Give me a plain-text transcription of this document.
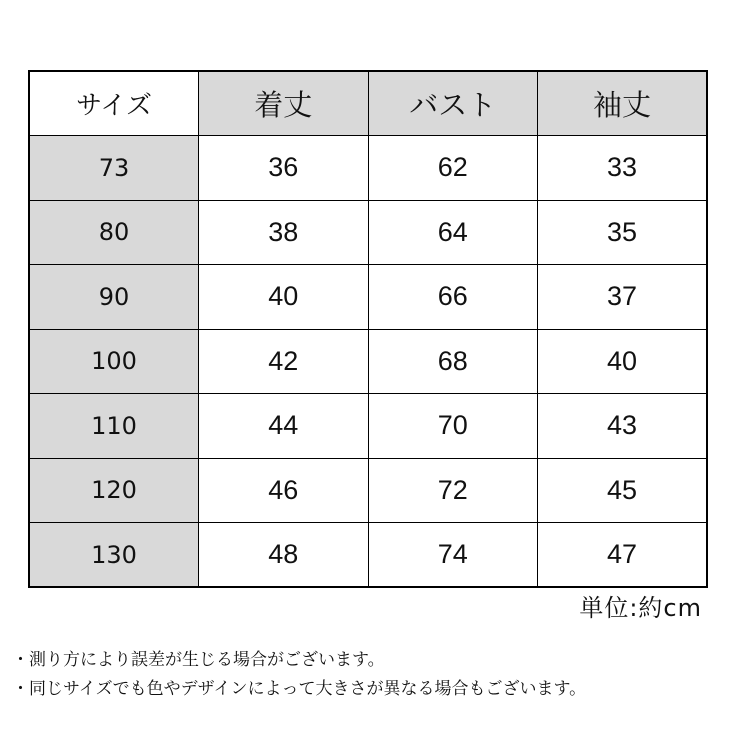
サイズ	着丈	バスト	袖丈
73	36	62	33
80	38	64	35
90	40	66	37
100	42	68	40
110	44	70	43
120	46	72	45
130	48	74	47
単位:約cm
・測り方により誤差が生じる場合がございます。
・同じサイズでも色やデザインによって大きさが異なる場合もございます。
